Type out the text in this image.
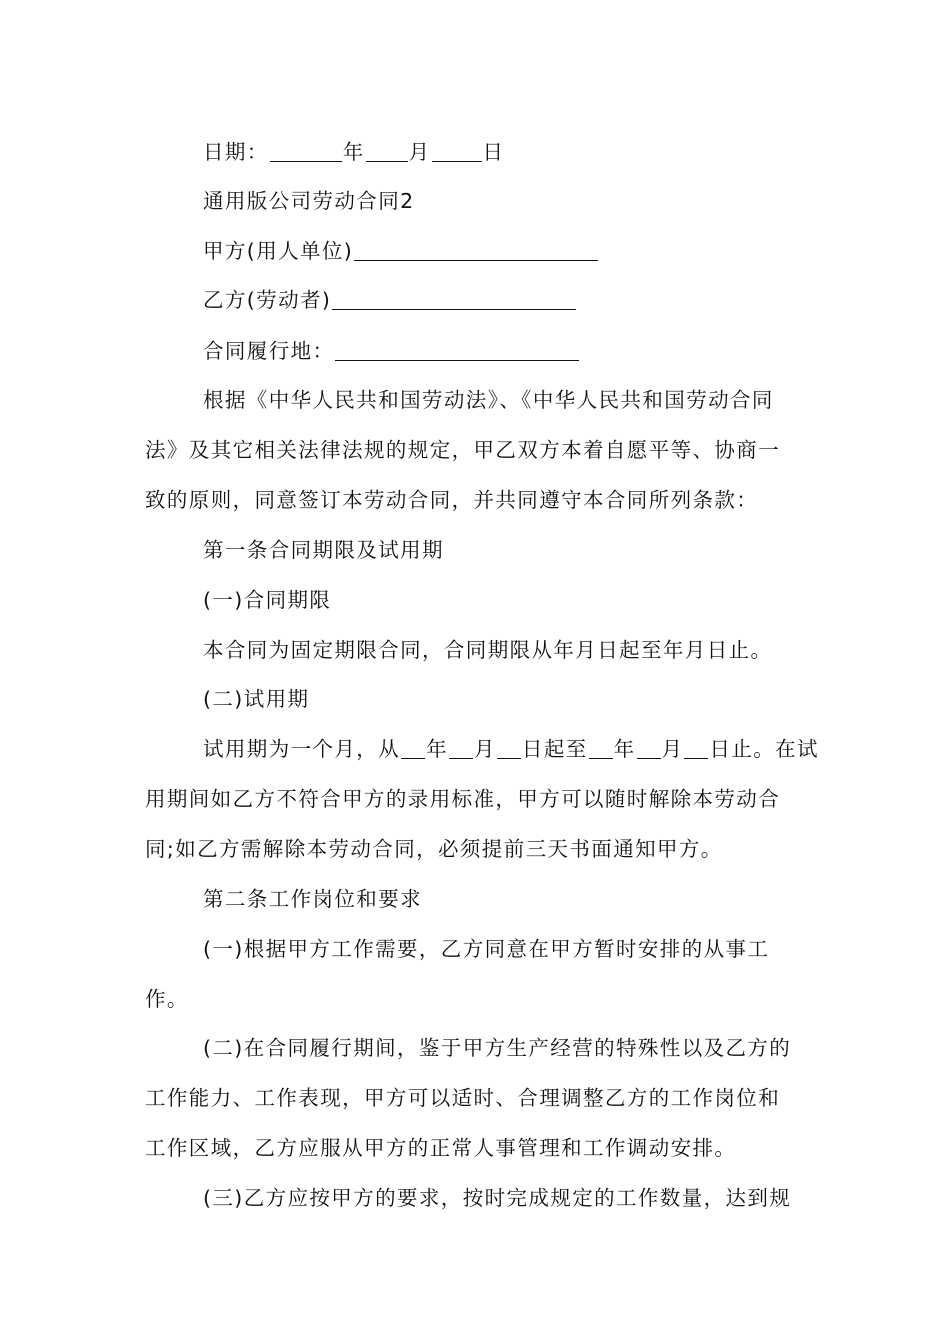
日期：	年 月	日
通用版公司劳动合同2
甲方(用人单位)
乙方(劳动者)
合同履行地：
根据《中华人民共和国劳动法》、《中华人民共和国劳动合同
法》及其它相关法律法规的规定，甲乙双方本着自愿平等、协商一
致的原则，同意签订本劳动合同，并共同遵守本合同所列条款：
第一条合同期限及试用期
(一)合同期限
本合同为固定期限合同，合同期限从年月日起至年月日止。
(二)试用期
试用期为一个月，从 年 月 日起至 年 月 日止。在试
用期间如乙方不符合甲方的录用标准，甲方可以随时解除本劳动合
同;如乙方需解除本劳动合同，必须提前三天书面通知甲方。
第二条工作岗位和要求
(一)根据甲方工作需要，乙方同意在甲方暂时安排的从事工
作。
(二)在合同履行期间，鉴于甲方生产经营的特殊性以及乙方的
工作能力、工作表现，甲方可以适时、合理调整乙方的工作岗位和
工作区域，乙方应服从甲方的正常人事管理和工作调动安排。
(三)乙方应按甲方的要求，按时完成规定的工作数量，达到规
